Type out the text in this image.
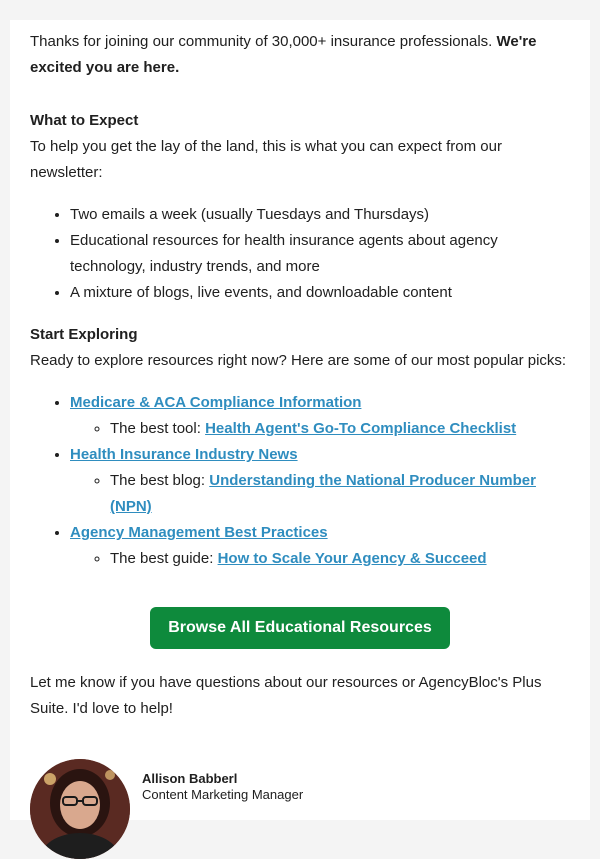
Thanks for joining our community of 30,000+ insurance professionals. We're excited you are here.

What to Expect

To help you get the lay of the land, this is what you can expect from our newsletter:

• Two emails a week (usually Tuesdays and Thursdays)
• Educational resources for health insurance agents about agency technology, industry trends, and more
• A mixture of blogs, live events, and downloadable content
Start Exploring

Ready to explore resources right now? Here are some of our most popular picks:

• Medicare & ACA Compliance Information
◦ The best tool: Health Agent's Go-To Compliance Checklist
• Health Insurance Industry News
◦ The best blog: Understanding the National Producer Number (NPN)
• Agency Management Best Practices
◦ The best guide: How to Scale Your Agency & Succeed
Browse All Educational Resources

Let me know if you have questions about our resources or AgencyBloc's Plus Suite. I'd love to help!

Allison Babberl
Content Marketing Manager
